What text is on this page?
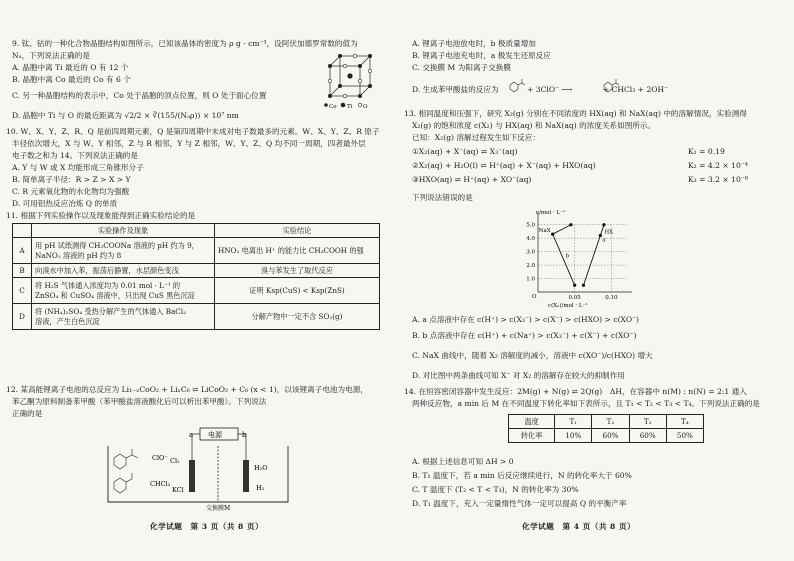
9. 钛、钴的一种化合物晶胞结构如图所示，已知该晶体的密度为 ρ g · cm⁻³，设阿伏加德罗常数的值为
Nₐ，下列说法正确的是
A. 晶胞中离 Ti 最近的 O 有 12 个
B. 晶胞中离 Co 最近的 Co 有 6 个
C. 另一种晶胞结构的表示中，Co 处于晶胞的顶点位置，则 O 处于面心位置
D. 晶胞中 Ti 与 O 的最近距离为 √2/2 × ∛(155/(Nₐρ)) × 10⁷ nm
Co Ti O
10. W、X、Y、Z、R、Q 是前四周期元素，Q 是第四周期中未成对电子数最多的元素。W、X、Y、Z、R 原子
半径依次增大，X 与 W、Y 相邻，Z 与 R 相邻，Y 与 Z 相邻，W、Y、Z、Q 均不同一周期，四者最外层
电子数之和为 14。下列说法正确的是
A. Y 与 W 或 X 均能形成三角锥形分子
B. 简单离子半径：R > Z > X > Y
C. R 元素氧化物的水化物均为强酸
D. 可用铝热反应冶炼 Q 的单质
11. 根据下列实验操作以及现象能得到正确实验结论的是
	实验操作及现象	实验结论
A	用 pH 试纸测得 CH₃COONa 溶液的 pH 约为 9，
NaNO₂ 溶液的 pH 约为 8	HNO₂ 电离出 H⁺ 的能力比 CH₃COOH 的强
B	向溴水中加入苯，振荡后静置，水层颜色变浅	溴与苯发生了取代反应
C	将 H₂S 气体通入浓度均为 0.01 mol · L⁻¹ 的
ZnSO₄ 和 CuSO₄ 溶液中，只出现 CuS 黑色沉淀	证明 Ksp(CuS) < Ksp(ZnS)
D	将 (NH₄)₂SO₄ 受热分解产生的气体通入 BaCl₂
溶液，产生白色沉淀	分解产物中一定不含 SO₂(g)
12. 某高能锂离子电池的总反应为 Li₁₋ₓCoO₂ + LiₓC₆ ⇌ LiCoO₂ + C₆ (x < 1)，以该锂离子电池为电源，
苯乙酮为原料制备苯甲酸（苯甲酸盐溶液酸化后可以析出苯甲酸）。下列说法
正确的是
电源
a	b
ClO⁻ Cl₂
CHCl₃
KCl
H₂O
H₂
交换膜M
化学试题　第 3 页（共 8 页）
A. 锂离子电池放电时，b 极质量增加
B. 锂离子电池充电时，a 极发生还原反应
C. 交换膜 M 为阳离子交换膜
D. 生成苯甲酸盐的反应为	+ 3ClO⁻ ⟶　　　　+ CHCl₃ + 2OH⁻
13. 相同温度和压强下，研究 X₂(g) 分别在不同浓度的 HX(aq) 和 NaX(aq) 中的溶解情况，实验测得
X₂(g) 的饱和浓度 c(X₂) 与 HX(aq) 和 NaX(aq) 的浓度关系如图所示。
已知：X₂(g) 溶解过程发生如下反应：
①X₂(aq) + X⁻(aq) ⇌ X₃⁻(aq)	K₁ = 0.19
②X₂(aq) + H₂O(l) ⇌ H⁺(aq) + X⁻(aq) + HXO(aq)	K₂ = 4.2 × 10⁻⁴
③HXO(aq) ⇌ H⁺(aq) + XO⁻(aq)	K₃ = 3.2 × 10⁻⁸
下列说法错误的是
c/mol · L⁻¹
c(X₂)/mol · L⁻¹
O
1.0
2.0
3.0
4.0
5.0
0.05	0.10
NaX	HX
a
b
A. a 点溶液中存在 c(H⁺) > c(X₃⁻) > c(X⁻) > c(HXO) > c(XO⁻)
B. b 点溶液中存在 c(H⁺) + c(Na⁺) > c(X₃⁻) + c(X⁻) + c(XO⁻)
C. NaX 曲线中，随着 X₂ 溶解度的减小，溶液中 c(XO⁻)/c(HXO) 增大
D. 对比图中两条曲线可知 X⁻ 对 X₂ 的溶解存在较大的抑制作用
14. 在恒容密闭容器中发生反应：2M(g) + N(g) ⇌ 2Q(g)　ΔH，在容器中 n(M) : n(N) = 2:1 通入
两种反应物，a min 后 M 在不同温度下转化率如下表所示，且 T₁ < T₂ < T₃ < T₄。下列说法正确的是
温度	T₁	T₂	T₃	T₄
转化率	10%	60%	60%	50%
A. 根据上述信息可知 ΔH > 0
B. T₁ 温度下，若 a min 后反应继续进行，N 的转化率大于 60%
C. T 温度下 (T₂ < T < T₃)，N 的转化率为 30%
D. T₁ 温度下，充入一定量惰性气体一定可以提高 Q 的平衡产率
化学试题　第 4 页（共 8 页）
